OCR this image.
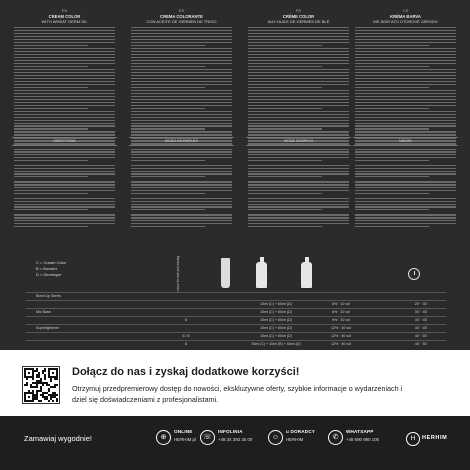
EN
CREAM COLOR
WITH WHEAT GERM OIL
ES
CREMA COLORANTE
CON ACEITE DE GERMEN DE TRIGO
FR
CRÈME COLOR
AUX HUILE DE GERMES DE BLÉ
CS
KRÉMA BARVA
ME ÁGIE ATO OTOROVÉ ZÁRODV
DIRECTIONS	MODO DE EMPLEO	MODE D'EMPLOI	NÁVOD
C = Cream Color
B = Booster
D = Developer	colour for hair processing
Bond Up Series
10ml (C) + 60ml (D)	6% · 10 vol	20' · 30'
Mix Base	10ml (C) + 60ml (D)	6% · 20 vol	30' · 45'
6	10ml (C) + 60ml (D)	9% · 30 vol	30' · 45'
Superlightener	10ml (C) + 60ml (D)	12% · 40 vol	30' · 45'
6 / 8	10ml (C) + 60ml (D)	12% · 40 vol	40' · 50'
8	30ml (C) + 10ml (B) + 60ml (D)	12% · 40 vol	45' · 50'
Dołącz do nas i zyskaj dodatkowe korzyści!
Otrzymuj przedpremierowy dostęp do nowości, ekskluzywne oferty, szybkie informacje o wydarzeniach i dziel się doświadczeniami z profesjonalistami.
Zamawiaj wygodnie!	⊕
ONLINE
HERHIM.pl	☏
INFOLINIA
+48 34 393 35 00	☺
u DORADCY
HERHIM	✆
WHATSAPP
+48 690 990 100	H	HERHIM
